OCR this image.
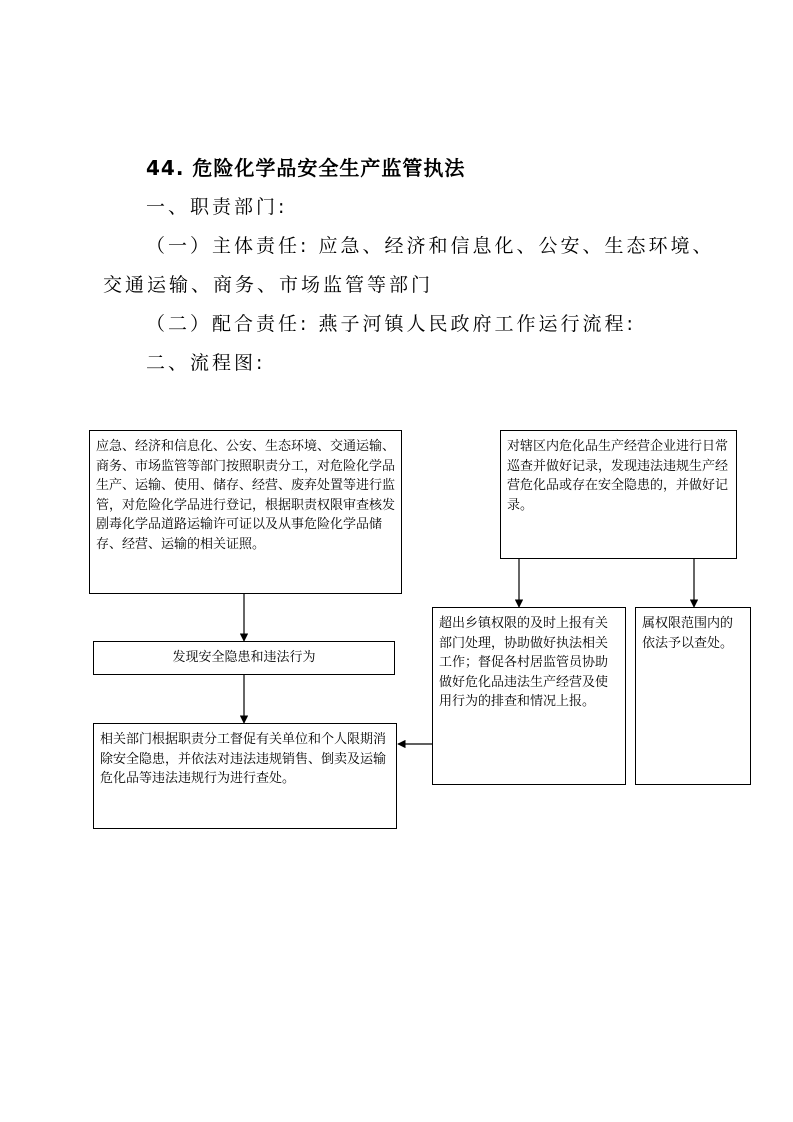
44. 危险化学品安全生产监管执法
一、职责部门:
（一）主体责任: 应急、经济和信息化、公安、生态环境、
交通运输、商务、市场监管等部门
（二）配合责任: 燕子河镇人民政府工作运行流程:
二、流程图:
应急、经济和信息化、公安、生态环境、交通运输、商务、市场监管等部门按照职责分工，对危险化学品生产、运输、使用、储存、经营、废弃处置等进行监管，对危险化学品进行登记，根据职责权限审查核发剧毒化学品道路运输许可证以及从事危险化学品储存、经营、运输的相关证照。
发现安全隐患和违法行为
相关部门根据职责分工督促有关单位和个人限期消除安全隐患，并依法对违法违规销售、倒卖及运输危化品等违法违规行为进行查处。
对辖区内危化品生产经营企业进行日常巡查并做好记录，发现违法违规生产经营危化品或存在安全隐患的，并做好记录。
超出乡镇权限的及时上报有关部门处理，协助做好执法相关工作；督促各村居监管员协助做好危化品违法生产经营及使用行为的排查和情况上报。
属权限范围内的依法予以查处。
